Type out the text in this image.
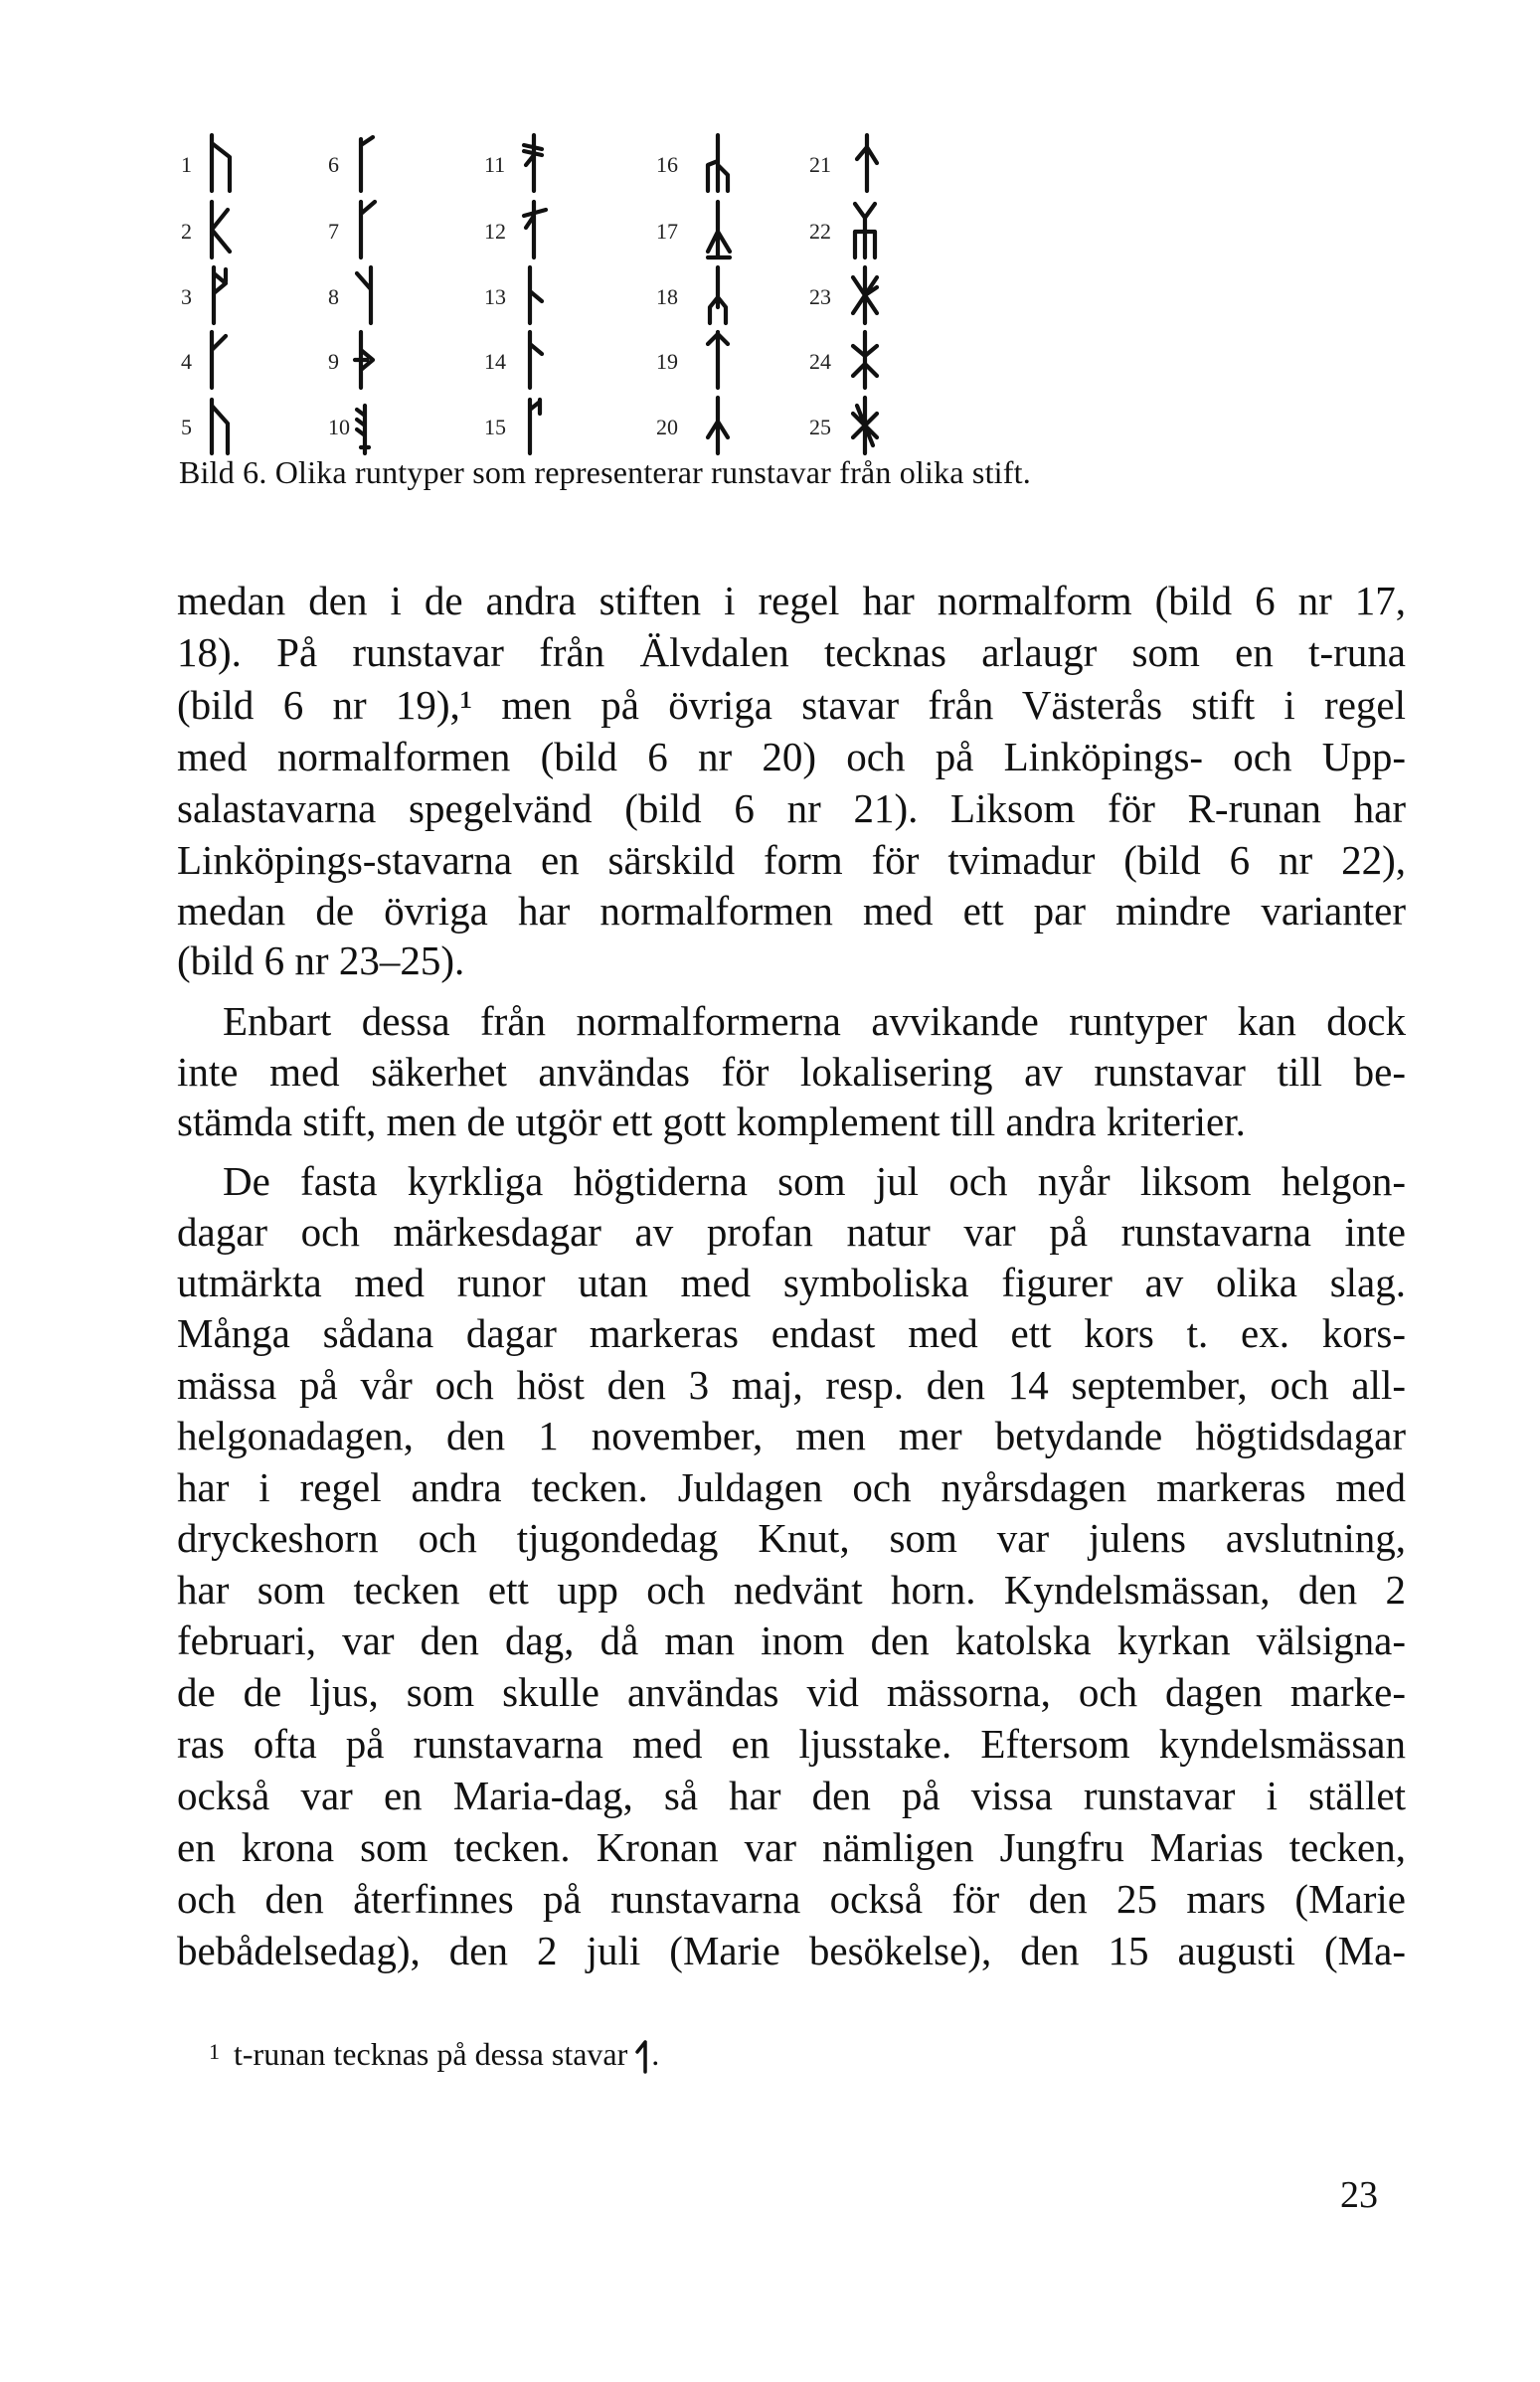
1
2
3
4
5
6
7
8
9
10
11
12
13
14
15
16
17
18
19
20
21
22
23
24
25
Bild 6. Olika runtyper som representerar runstavar från olika stift.
medan den i de andra stiften i regel har normalform (bild 6 nr 17,
18). På runstavar från Älvdalen tecknas arlaugr som en t-runa
(bild 6 nr 19),¹ men på övriga stavar från Västerås stift i regel
med normalformen (bild 6 nr 20) och på Linköpings- och Upp-
salastavarna spegelvänd (bild 6 nr 21). Liksom för R-runan har
Linköpings-stavarna en särskild form för tvimadur (bild 6 nr 22),
medan de övriga har normalformen med ett par mindre varianter
(bild 6 nr 23–25).
Enbart dessa från normalformerna avvikande runtyper kan dock
inte med säkerhet användas för lokalisering av runstavar till be-
stämda stift, men de utgör ett gott komplement till andra kriterier.
De fasta kyrkliga högtiderna som jul och nyår liksom helgon-
dagar och märkesdagar av profan natur var på runstavarna inte
utmärkta med runor utan med symboliska figurer av olika slag.
Många sådana dagar markeras endast med ett kors t. ex. kors-
mässa på vår och höst den 3 maj, resp. den 14 september, och all-
helgonadagen, den 1 november, men mer betydande högtidsdagar
har i regel andra tecken. Juldagen och nyårsdagen markeras med
dryckeshorn och tjugondedag Knut, som var julens avslutning,
har som tecken ett upp och nedvänt horn. Kyndelsmässan, den 2
februari, var den dag, då man inom den katolska kyrkan välsigna-
de de ljus, som skulle användas vid mässorna, och dagen marke-
ras ofta på runstavarna med en ljusstake. Eftersom kyndelsmässan
också var en Maria-dag, så har den på vissa runstavar i stället
en krona som tecken. Kronan var nämligen Jungfru Marias tecken,
och den återfinnes på runstavarna också för den 25 mars (Marie
bebådelsedag), den 2 juli (Marie besökelse), den 15 augusti (Ma-
1 t-runan tecknas på dessa stavar .
23
